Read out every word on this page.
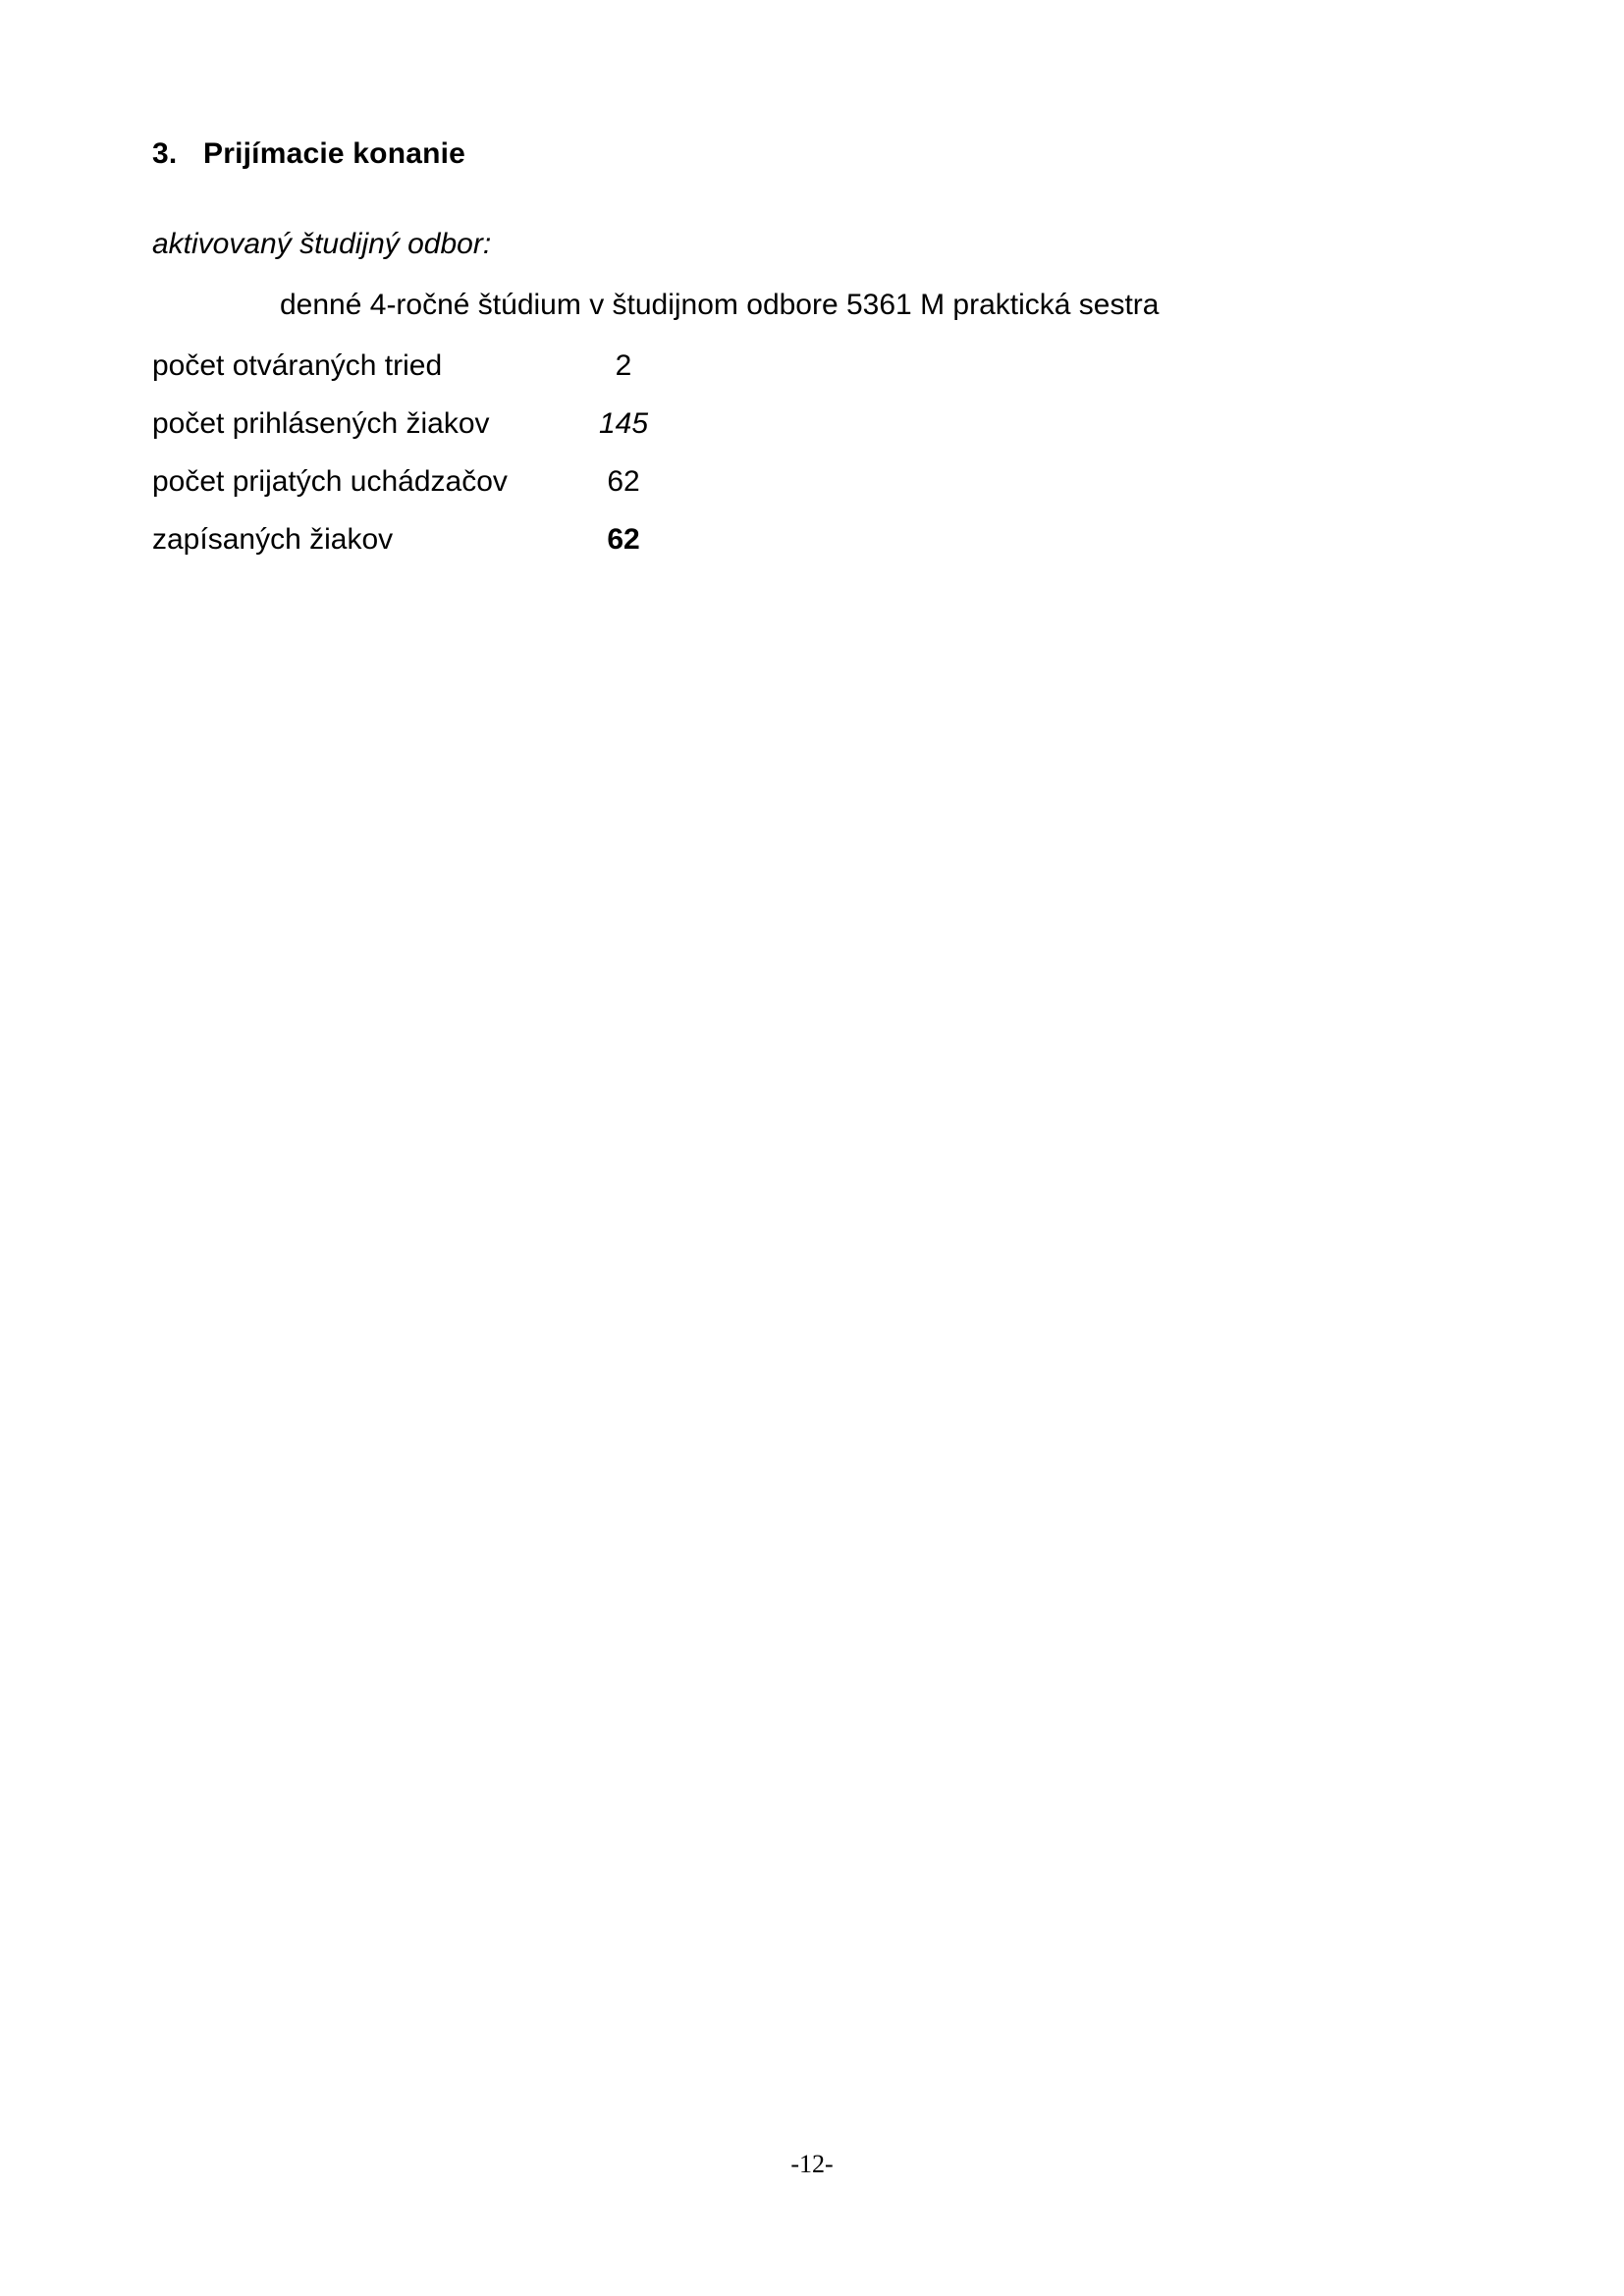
3. Prijímacie konanie
aktivovaný študijný odbor:
denné 4-ročné štúdium v študijnom odbore 5361 M praktická sestra
počet otváraných tried	2
počet prihlásených žiakov	145
počet prijatých uchádzačov	62
zapísaných žiakov	62
-12-
